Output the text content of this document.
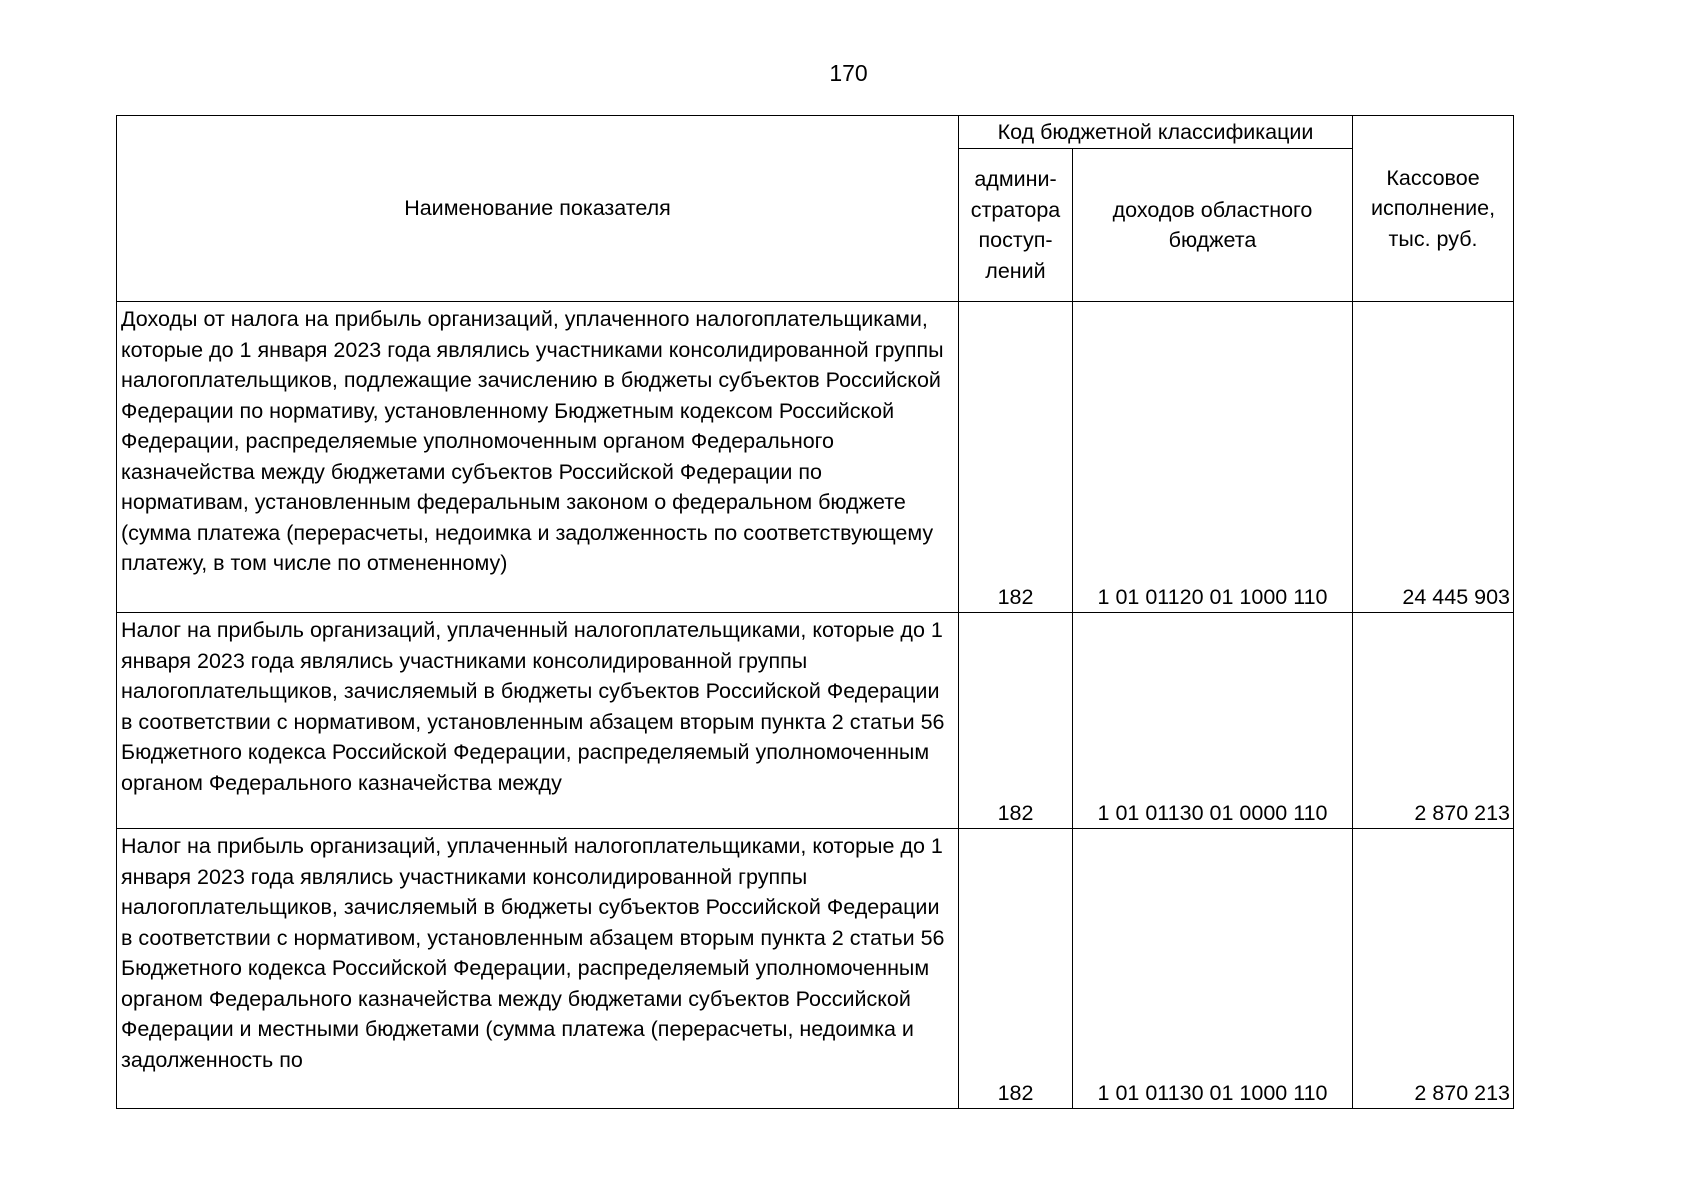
170
Наименование показателя	Код бюджетной классификации		Кассовое исполнение, тыс. руб.
	админи-стратора поступ-лений	доходов областного бюджета	
Доходы от налога на прибыль организаций, уплаченного налогоплательщиками, которые до 1 января 2023 года являлись участниками консолидированной группы налогоплательщиков, подлежащие зачислению в бюджеты субъектов Российской Федерации по нормативу, установленному Бюджетным кодексом Российской Федерации, распределяемые уполномоченным органом Федерального казначейства между бюджетами субъектов Российской Федерации по нормативам, установленным федеральным законом о федеральном бюджете (сумма платежа (перерасчеты, недоимка и задолженность по соответствующему платежу, в том числе по отмененному)	182	1 01 01120 01 1000 110	24 445 903

Налог на прибыль организаций, уплаченный налогоплательщиками, которые до 1 января 2023 года являлись участниками консолидированной группы налогоплательщиков, зачисляемый в бюджеты субъектов Российской Федерации в соответствии с нормативом, установленным абзацем вторым пункта 2 статьи 56 Бюджетного кодекса Российской Федерации, распределяемый уполномоченным органом Федерального казначейства между	182	1 01 01130 01 0000 110	2 870 213

Налог на прибыль организаций, уплаченный налогоплательщиками, которые до 1 января 2023 года являлись участниками консолидированной группы налогоплательщиков, зачисляемый в бюджеты субъектов Российской Федерации в соответствии с нормативом, установленным абзацем вторым пункта 2 статьи 56 Бюджетного кодекса Российской Федерации, распределяемый уполномоченным органом Федерального казначейства между бюджетами субъектов Российской Федерации и местными бюджетами (сумма платежа (перерасчеты, недоимка и задолженность по	182	1 01 01130 01 1000 110	2 870 213
